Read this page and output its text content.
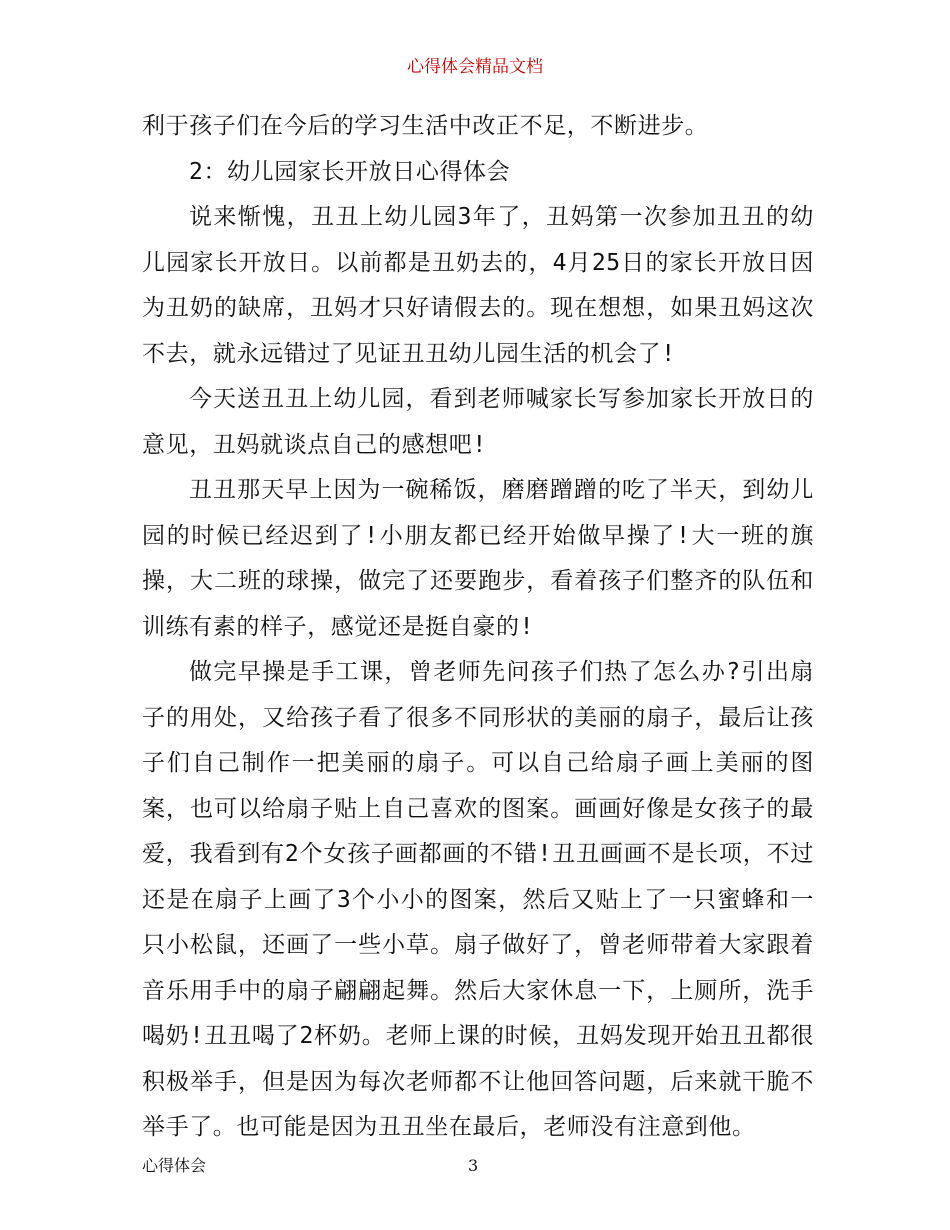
心得体会精品文档

利于孩子们在今后的学习生活中改正不足，不断进步。

2：幼儿园家长开放日心得体会

说来惭愧，丑丑上幼儿园3年了，丑妈第一次参加丑丑的幼儿园家长开放日。以前都是丑奶去的，4月25日的家长开放日因为丑奶的缺席，丑妈才只好请假去的。现在想想，如果丑妈这次不去，就永远错过了见证丑丑幼儿园生活的机会了!

今天送丑丑上幼儿园，看到老师喊家长写参加家长开放日的意见，丑妈就谈点自己的感想吧!

丑丑那天早上因为一碗稀饭，磨磨蹭蹭的吃了半天，到幼儿园的时候已经迟到了!小朋友都已经开始做早操了!大一班的旗操，大二班的球操，做完了还要跑步，看着孩子们整齐的队伍和训练有素的样子，感觉还是挺自豪的!

做完早操是手工课，曾老师先问孩子们热了怎么办?引出扇子的用处，又给孩子看了很多不同形状的美丽的扇子，最后让孩子们自己制作一把美丽的扇子。可以自己给扇子画上美丽的图案，也可以给扇子贴上自己喜欢的图案。画画好像是女孩子的最爱，我看到有2个女孩子画都画的不错!丑丑画画不是长项，不过还是在扇子上画了3个小小的图案，然后又贴上了一只蜜蜂和一只小松鼠，还画了一些小草。扇子做好了，曾老师带着大家跟着音乐用手中的扇子翩翩起舞。然后大家休息一下，上厕所，洗手喝奶!丑丑喝了2杯奶。老师上课的时候，丑妈发现开始丑丑都很积极举手，但是因为每次老师都不让他回答问题，后来就干脆不举手了。也可能是因为丑丑坐在最后，老师没有注意到他。

心得体会	3
